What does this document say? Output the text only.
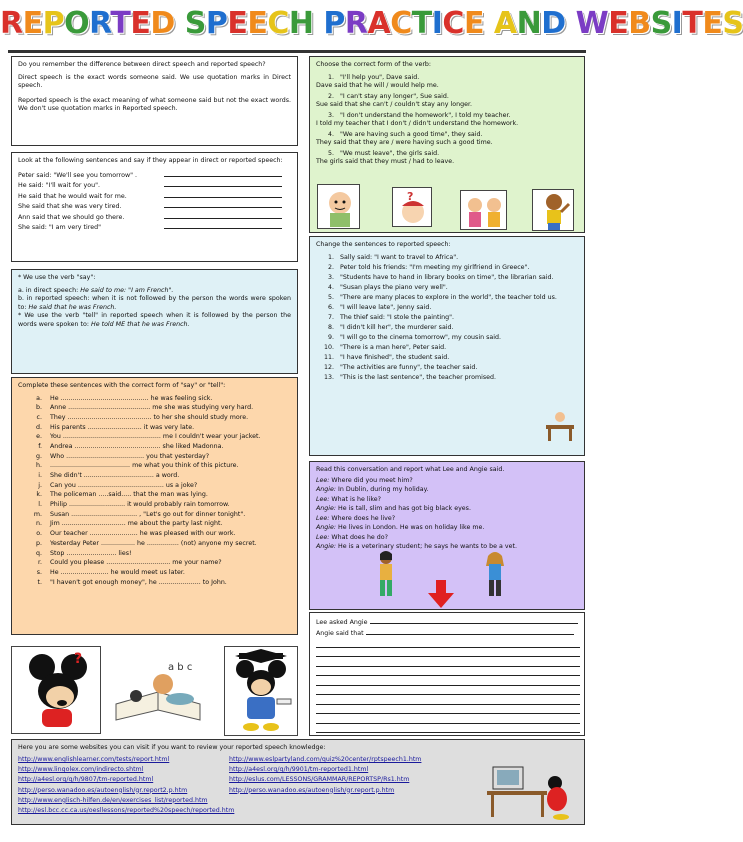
REPORTED SPEECH PRACTICE AND WEBSITES

Do you remember the difference between direct speech and reported speech?

Direct speech is the exact words someone said. We use quotation marks in Direct speech.

Reported speech is the exact meaning of what someone said but not the exact words. We don't use quotation marks in Reported speech.

Look at the following sentences and say if they appear in direct or reported speech:

Peter said: "We'll see you tomorrow" .
He said: "I'll wait for you".
He said that he would wait for me.
She said that she was very tired.
Ann said that we should go there.
She said: "I am very tired"

* We use the verb "say":

a. in direct speech: He said to me: "I am French".

b. in reported speech: when it is not followed by the person the words were spoken to: He said that he was French.

* We use the verb "tell" in reported speech when it is followed by the person the words were spoken to: He told ME that he was French.

Complete these sentences with the correct form of "say" or "tell":

a. He ............................................ he was feeling sick.
b. Anne ......................................... me she was studying very hard.
c. They .......................................... to her she should study more.
d. His parents ........................... it was very late.
e. You ................................................. me I couldn't wear your jacket.
f. Andrea ........................................... she liked Madonna.
g. Who ....................................... you that yesterday?
h. ........................................ me what you think of this picture.
i. She didn't ................................... a word.
j. Can you ........................................... us a joke?
k. The policeman .....said..... that the man was lying.
l. Philip ............................ it would probably rain tomorrow.
m. Susan ................................. , "Let's go out for dinner tonight".
n. Jim ................................ me about the party last night.
o. Our teacher ........................ he was pleased with our work.
p. Yesterday Peter ................. he ................ (not) anyone my secret.
q. Stop ......................... lies!
r. Could you please ................................ me your name?
s. He ........................ he would meet us later.
t. "I haven't got enough money", he ..................... to John.
?
a b c

Choose the correct form of the verb:

1. "I'll help you", Dave said.
Dave said that he will / would help me.
2. "I can't stay any longer", Sue said.
Sue said that she can't / couldn't stay any longer.
3. "I don't understand the homework", I told my teacher.
I told my teacher that I don't / didn't understand the homework.
4. "We are having such a good time", they said.
They said that they are / were having such a good time.
5. "We must leave", the girls said.
The girls said that they must / had to leave.
?

Change the sentences to reported speech:

1. Sally said: "I want to travel to Africa".
2. Peter told his friends: "I'm meeting my girlfriend in Greece".
3. "Students have to hand in library books on time", the librarian said.
4. "Susan plays the piano very well".
5. "There are many places to explore in the world", the teacher told us.
6. "I will leave late", Jenny said.
7. The thief said: "I stole the painting".
8. "I didn't kill her", the murderer said.
9. "I will go to the cinema tomorrow", my cousin said.
10. "There is a man here", Peter said.
11. "I have finished", the student said.
12. "The activities are funny", the teacher said.
13. "This is the last sentence", the teacher promised.

Read this conversation and report what Lee and Angie said.

Lee: Where did you meet him?
Angie: In Dublin, during my holiday.
Lee: What is he like?
Angie: He is tall, slim and has got big black eyes.
Lee: Where does he live?
Angie: He lives in London. He was on holiday like me.
Lee: What does he do?
Angie: He is a veterinary student; he says he wants to be a vet.
Lee asked Angie
Angie said that

Here you are some websites you can visit if you want to review your reported speech knowledge:

http://www.englishlearner.com/tests/report.html
http://www.lingolex.com/indirecto.shtml
http://a4esl.org/q/h/9807/tm-reported.html
http://perso.wanadoo.es/autoenglish/gr.report2.p.htm
http://www.englisch-hilfen.de/en/exercises_list/reported.htm
http://esl.bcc.cc.ca.us/oesllessons/reported%20speech/reported.htm
http://www.eslpartyland.com/quiz%20center/rptspeech1.htm
http://a4esl.org/q/h/9901/tm-reported1.html
http://eslus.com/LESSONS/GRAMMAR/REPORTSP/Rs1.htm
http://perso.wanadoo.es/autoenglish/gr.report.p.htm
